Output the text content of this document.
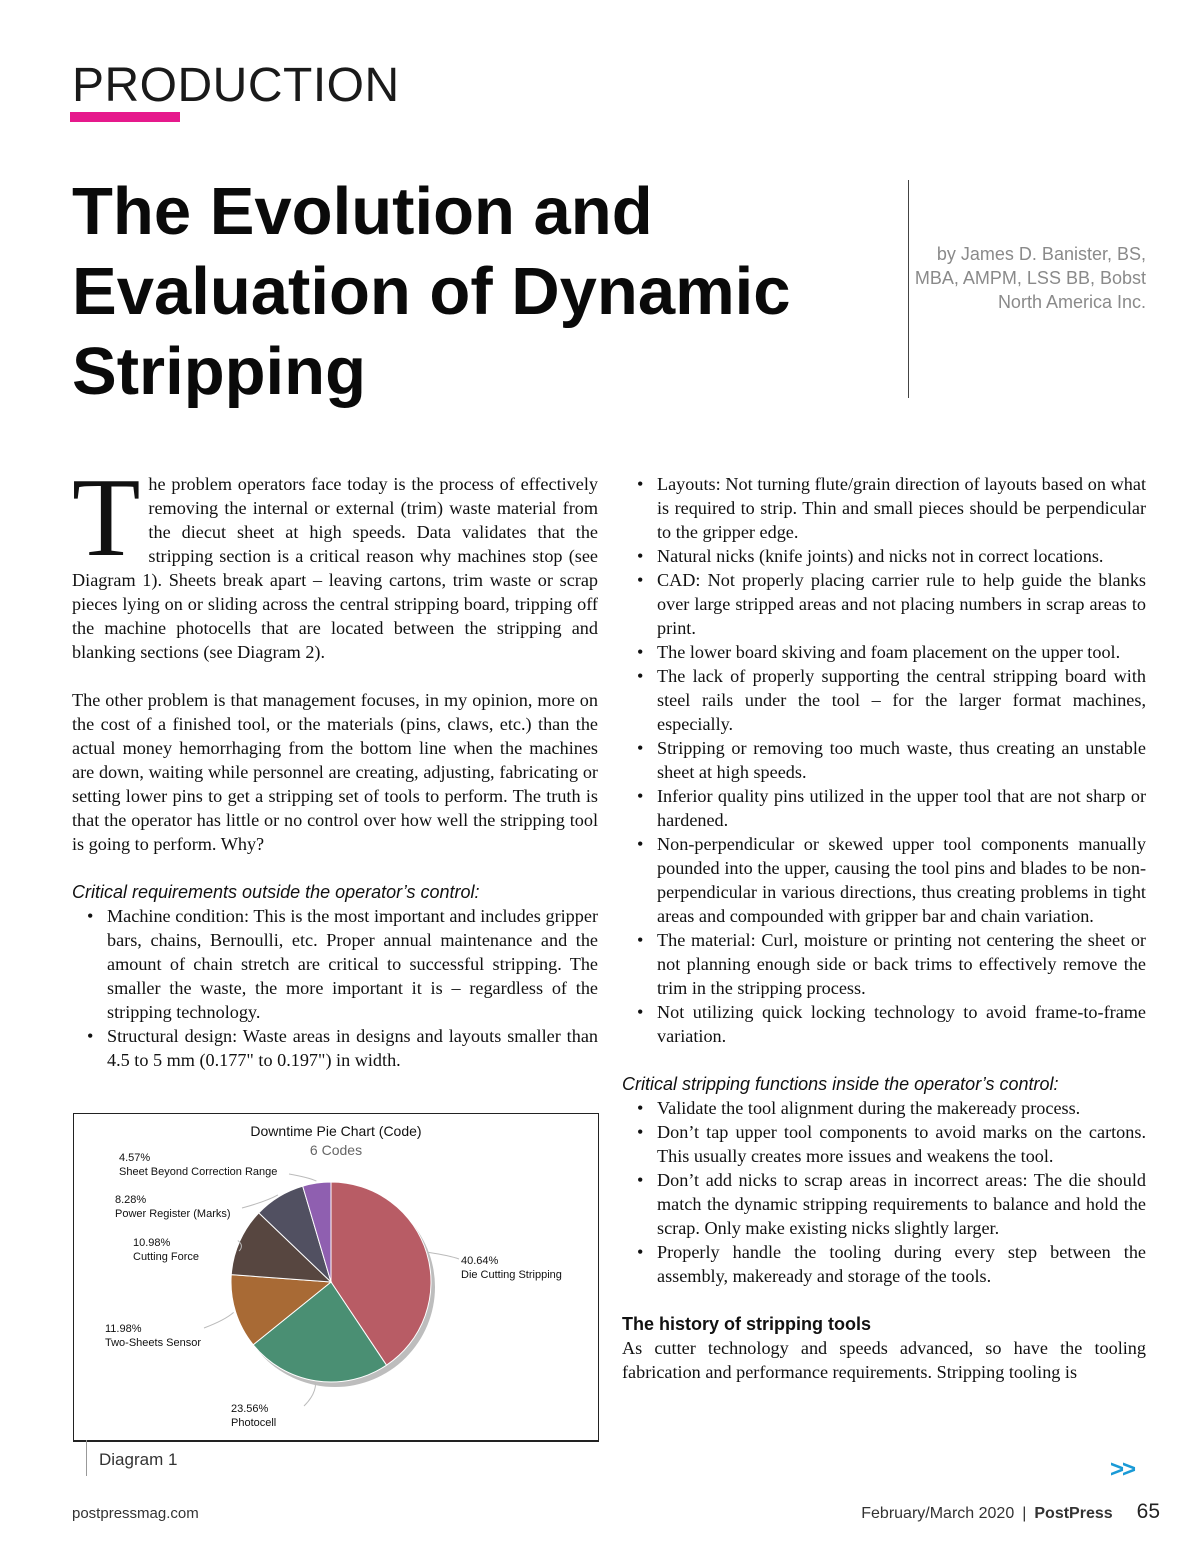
PRODUCTION
The Evolution and Evaluation of Dynamic Stripping
by James D. Banister, BS, MBA, AMPM, LSS BB, Bobst North America Inc.
T he problem operators face today is the process of effectively removing the internal or external (trim) waste material from the diecut sheet at high speeds. Data validates that the stripping section is a critical reason why machines stop (see Diagram 1). Sheets break apart – leaving cartons, trim waste or scrap pieces lying on or sliding across the central stripping board, tripping off the machine photocells that are located between the stripping and blanking sections (see Diagram 2).

The other problem is that management focuses, in my opinion, more on the cost of a finished tool, or the materials (pins, claws, etc.) than the actual money hemorrhaging from the bottom line when the machines are down, waiting while personnel are creating, adjusting, fabricating or setting lower pins to get a stripping set of tools to perform. The truth is that the operator has little or no control over how well the stripping tool is going to perform. Why?

Critical requirements outside the operator’s control:
• Machine condition: This is the most important and includes gripper bars, chains, Bernoulli, etc. Proper annual maintenance and the amount of chain stretch are critical to successful stripping. The smaller the waste, the more important it is – regardless of the stripping technology.
• Structural design: Waste areas in designs and layouts smaller than 4.5 to 5 mm (0.177" to 0.197") in width.
Downtime Pie Chart (Code)
6 Codes
40.64%
Die Cutting Stripping
23.56%
Photocell
11.98%
Two-Sheets Sensor
10.98%
Cutting Force
8.28%
Power Register (Marks)
4.57%
Sheet Beyond Correction Range
Diagram 1
• Layouts: Not turning flute/grain direction of layouts based on what is required to strip. Thin and small pieces should be perpendicular to the gripper edge.
• Natural nicks (knife joints) and nicks not in correct locations.
• CAD: Not properly placing carrier rule to help guide the blanks over large stripped areas and not placing numbers in scrap areas to print.
• The lower board skiving and foam placement on the upper tool.
• The lack of properly supporting the central stripping board with steel rails under the tool – for the larger format machines, especially.
• Stripping or removing too much waste, thus creating an unstable sheet at high speeds.
• Inferior quality pins utilized in the upper tool that are not sharp or hardened.
• Non-perpendicular or skewed upper tool components manually pounded into the upper, causing the tool pins and blades to be non-perpendicular in various directions, thus creating problems in tight areas and compounded with gripper bar and chain variation.
• The material: Curl, moisture or printing not centering the sheet or not planning enough side or back trims to effectively remove the trim in the stripping process.
• Not utilizing quick locking technology to avoid frame-to-frame variation.
Critical stripping functions inside the operator’s control:
• Validate the tool alignment during the makeready process.
• Don’t tap upper tool components to avoid marks on the cartons. This usually creates more issues and weakens the tool.
• Don’t add nicks to scrap areas in incorrect areas: The die should match the dynamic stripping requirements to balance and hold the scrap. Only make existing nicks slightly larger.
• Properly handle the tooling during every step between the assembly, makeready and storage of the tools.
The history of stripping tools

As cutter technology and speeds advanced, so have the tooling fabrication and performance requirements. Stripping tooling is

>>
postpressmag.com	February/March 2020 | PostPress 65
